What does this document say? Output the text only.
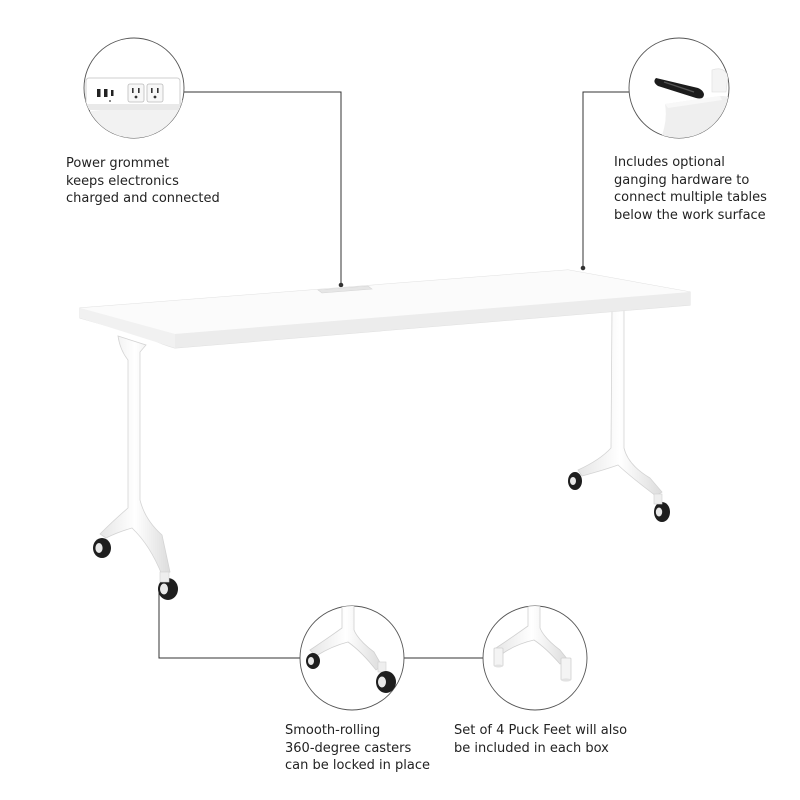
Power grommet
keeps electronics
charged and connected
Includes optional
ganging hardware to
connect multiple tables
below the work surface
Smooth-rolling
360-degree casters
can be locked in place
Set of 4 Puck Feet will also
be included in each box
